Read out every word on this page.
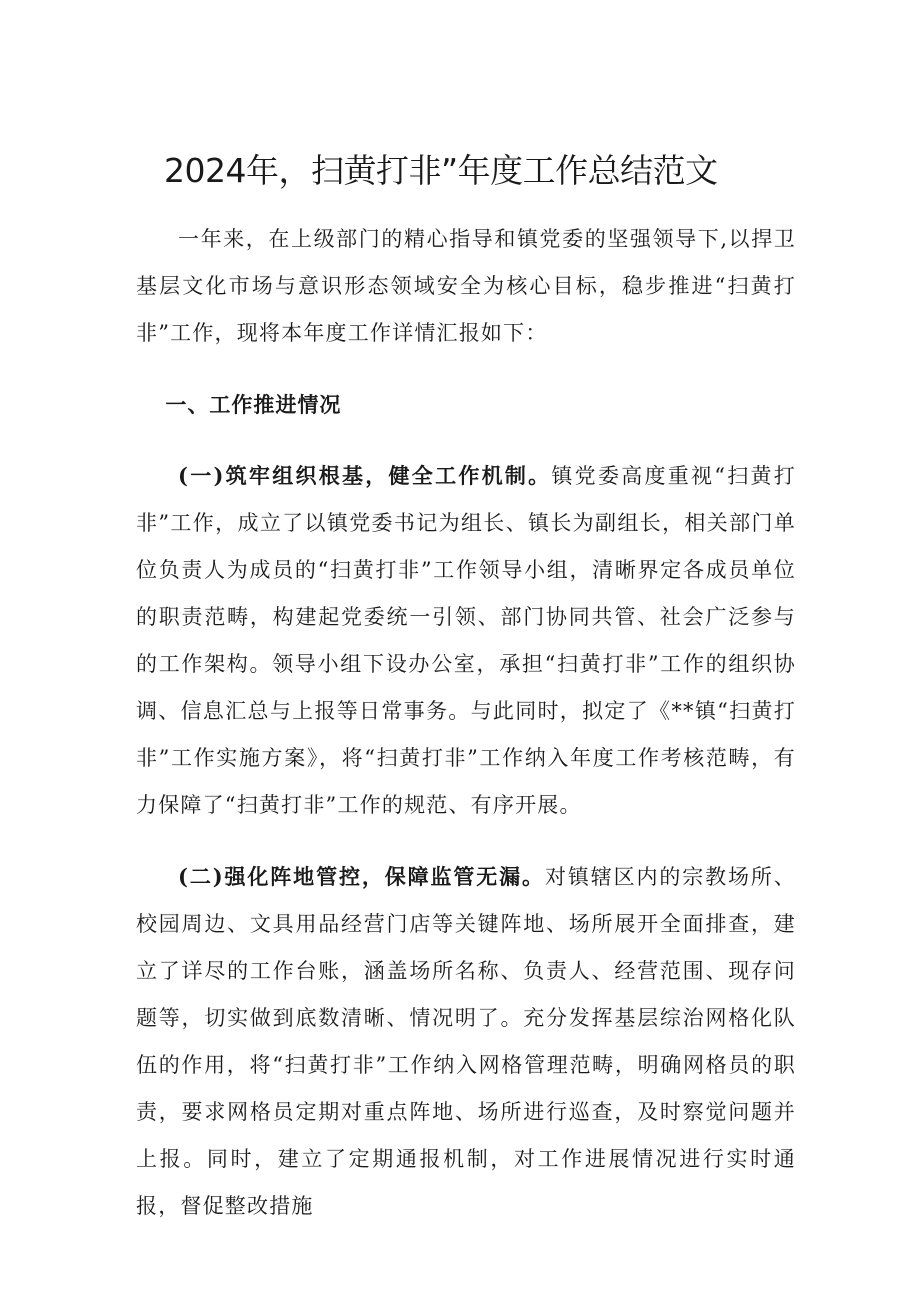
2024年，扫黄打非”年度工作总结范文

一年来，在上级部门的精心指导和镇党委的坚强领导下,以捍卫基层文化市场与意识形态领域安全为核心目标，稳步推进“扫黄打非”工作，现将本年度工作详情汇报如下：

一、工作推进情况

(一)筑牢组织根基，健全工作机制。镇党委高度重视“扫黄打非”工作，成立了以镇党委书记为组长、镇长为副组长，相关部门单位负责人为成员的“扫黄打非”工作领导小组，清晰界定各成员单位的职责范畴，构建起党委统一引领、部门协同共管、社会广泛参与的工作架构。领导小组下设办公室，承担“扫黄打非”工作的组织协调、信息汇总与上报等日常事务。与此同时，拟定了《**镇“扫黄打非”工作实施方案》，将“扫黄打非”工作纳入年度工作考核范畴，有力保障了“扫黄打非”工作的规范、有序开展。

(二)强化阵地管控，保障监管无漏。对镇辖区内的宗教场所、校园周边、文具用品经营门店等关键阵地、场所展开全面排查，建立了详尽的工作台账，涵盖场所名称、负责人、经营范围、现存问题等，切实做到底数清晰、情况明了。充分发挥基层综治网格化队伍的作用，将“扫黄打非”工作纳入网格管理范畴，明确网格员的职责，要求网格员定期对重点阵地、场所进行巡查，及时察觉问题并上报。同时，建立了定期通报机制，对工作进展情况进行实时通报，督促整改措施
